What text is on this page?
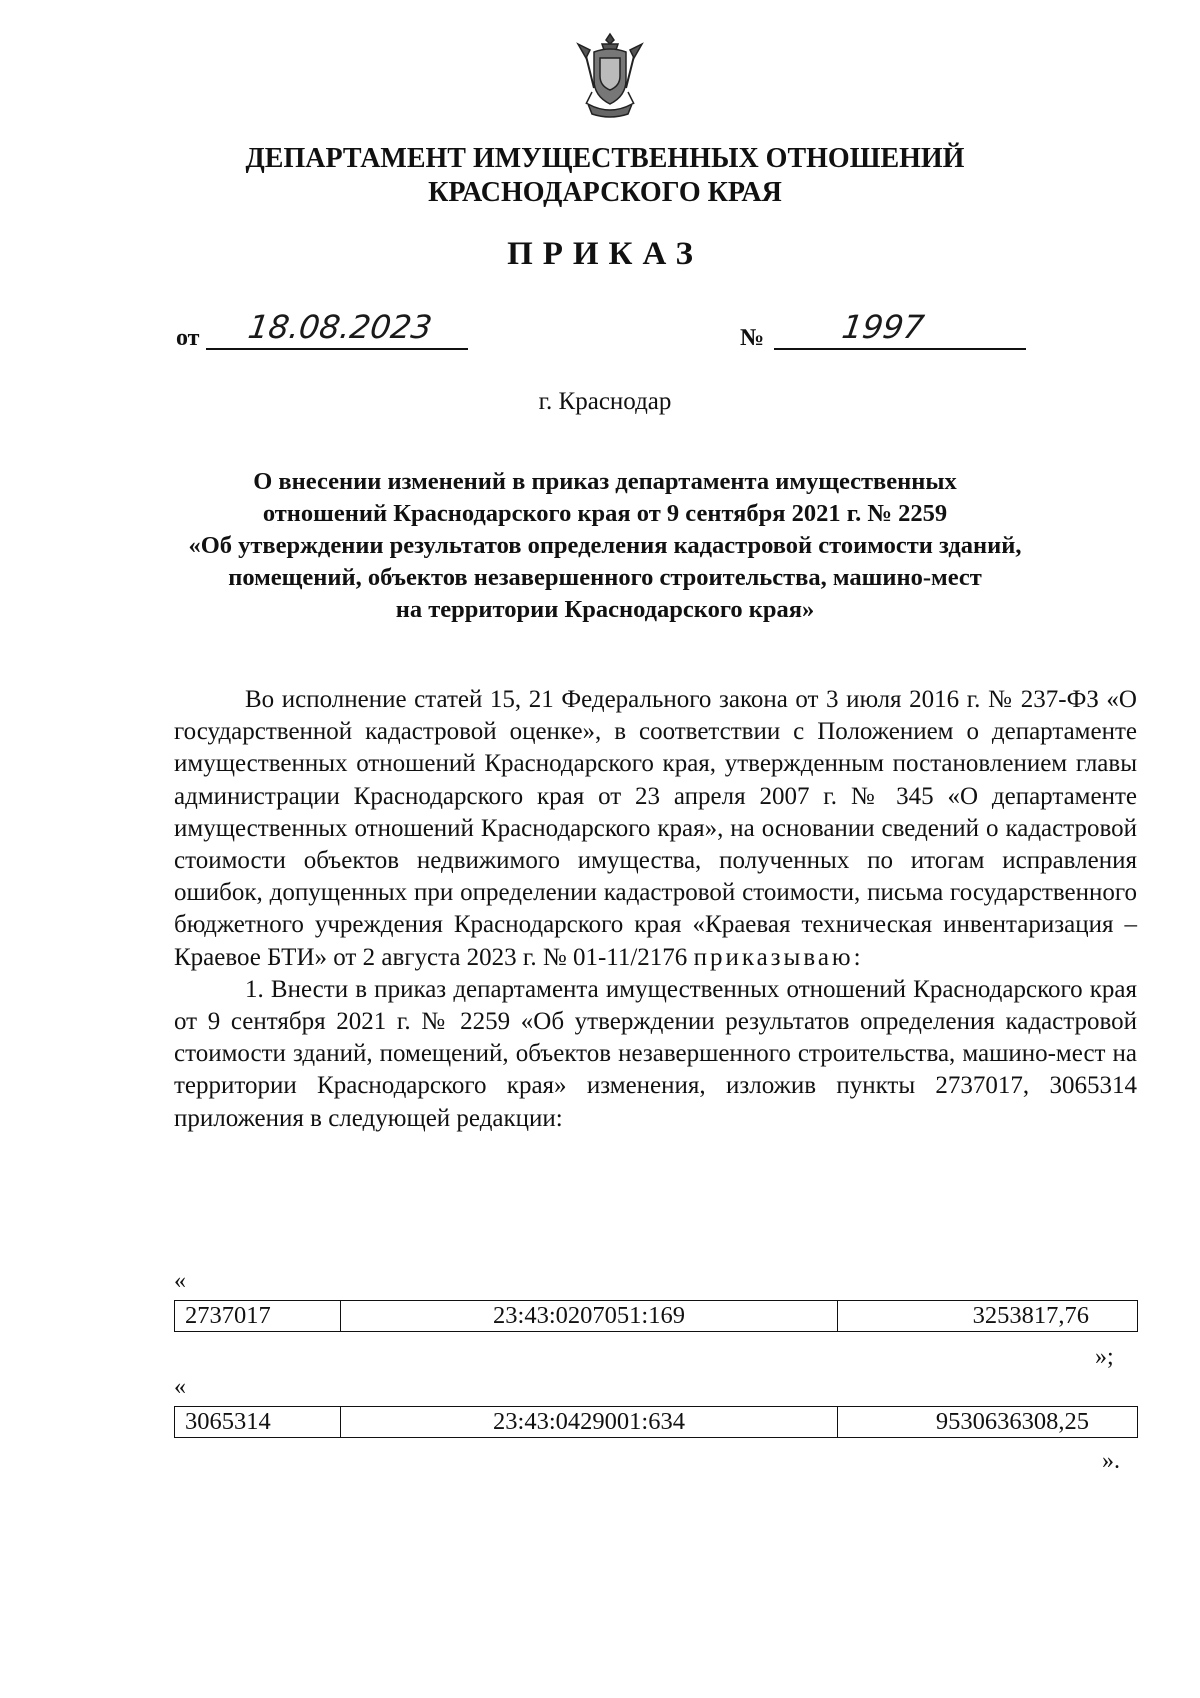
ДЕПАРТАМЕНТ ИМУЩЕСТВЕННЫХ ОТНОШЕНИЙ
КРАСНОДАРСКОГО КРАЯ
ПРИКАЗ
от	18.08.2023	№	1997
г. Краснодар
О внесении изменений в приказ департамента имущественных
отношений Краснодарского края от 9 сентября 2021 г. № 2259
«Об утверждении результатов определения кадастровой стоимости зданий,
помещений, объектов незавершенного строительства, машино-мест
на территории Краснодарского края»

Во исполнение статей 15, 21 Федерального закона от 3 июля 2016 г. № 237-ФЗ «О государственной кадастровой оценке», в соответствии с Положением о департаменте имущественных отношений Краснодарского края, утвержденным постановлением главы администрации Краснодарского края от 23 апреля 2007 г. № 345 «О департаменте имущественных отношений Краснодарского края», на основании сведений о кадастровой стоимости объектов недвижимого имущества, полученных по итогам исправления ошибок, допущенных при определении кадастровой стоимости, письма государственного бюджетного учреждения Краснодарского края «Краевая техническая инвентаризация – Краевое БТИ» от 2 августа 2023 г. № 01-11/2176 приказываю:

1. Внести в приказ департамента имущественных отношений Краснодарского края от 9 сентября 2021 г. № 2259 «Об утверждении результатов определения кадастровой стоимости зданий, помещений, объектов незавершенного строительства, машино-мест на территории Краснодарского края» изменения, изложив пункты 2737017, 3065314 приложения в следующей редакции:

«
2737017	23:43:0207051:169	3253817,76
»;
«
3065314	23:43:0429001:634	9530636308,25
».
